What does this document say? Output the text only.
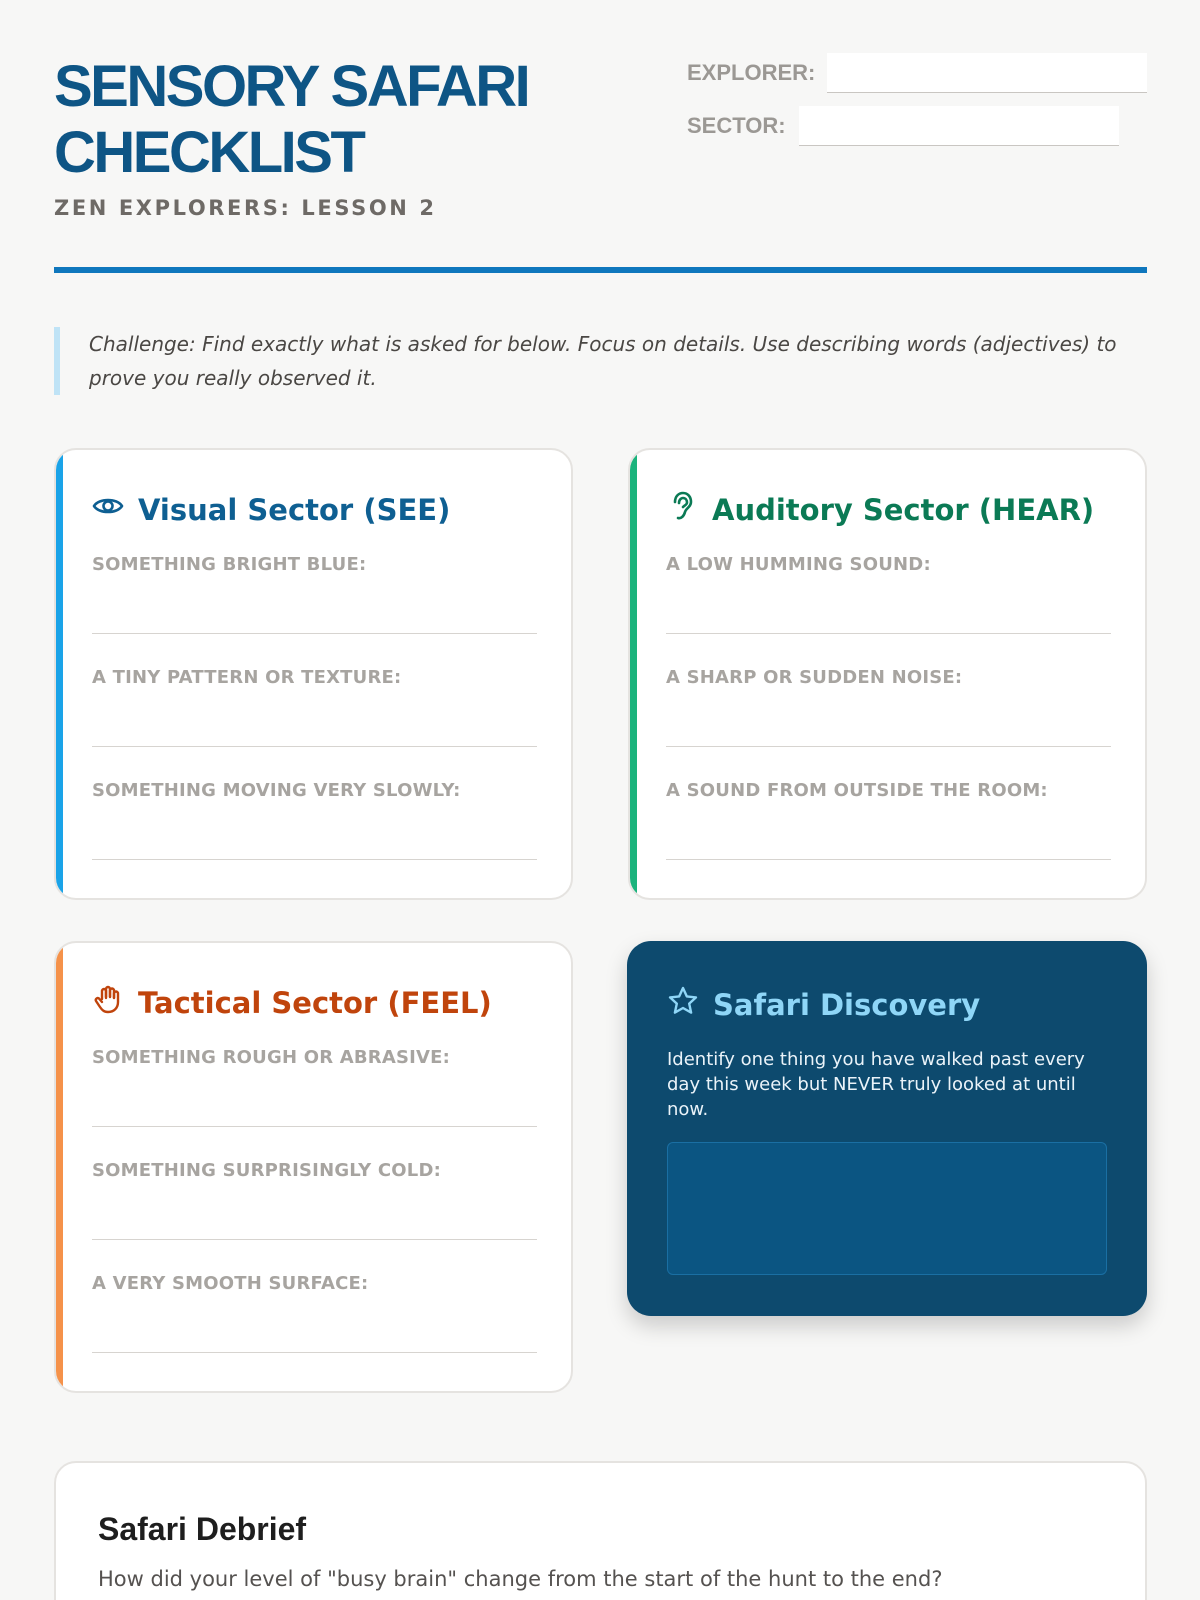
SENSORY SAFARI
CHECKLIST
ZEN EXPLORERS: LESSON 2
EXPLORER:
SECTOR:
Challenge: Find exactly what is asked for below. Focus on details. Use describing words (adjectives) to prove you really observed it.
Visual Sector (SEE)
SOMETHING BRIGHT BLUE:
A TINY PATTERN OR TEXTURE:
SOMETHING MOVING VERY SLOWLY:
Auditory Sector (HEAR)
A LOW HUMMING SOUND:
A SHARP OR SUDDEN NOISE:
A SOUND FROM OUTSIDE THE ROOM:
Tactical Sector (FEEL)
SOMETHING ROUGH OR ABRASIVE:
SOMETHING SURPRISINGLY COLD:
A VERY SMOOTH SURFACE:
Safari Discovery
Identify one thing you have walked past every day this week but NEVER truly looked at until now.
Safari Debrief
How did your level of "busy brain" change from the start of the hunt to the end?
